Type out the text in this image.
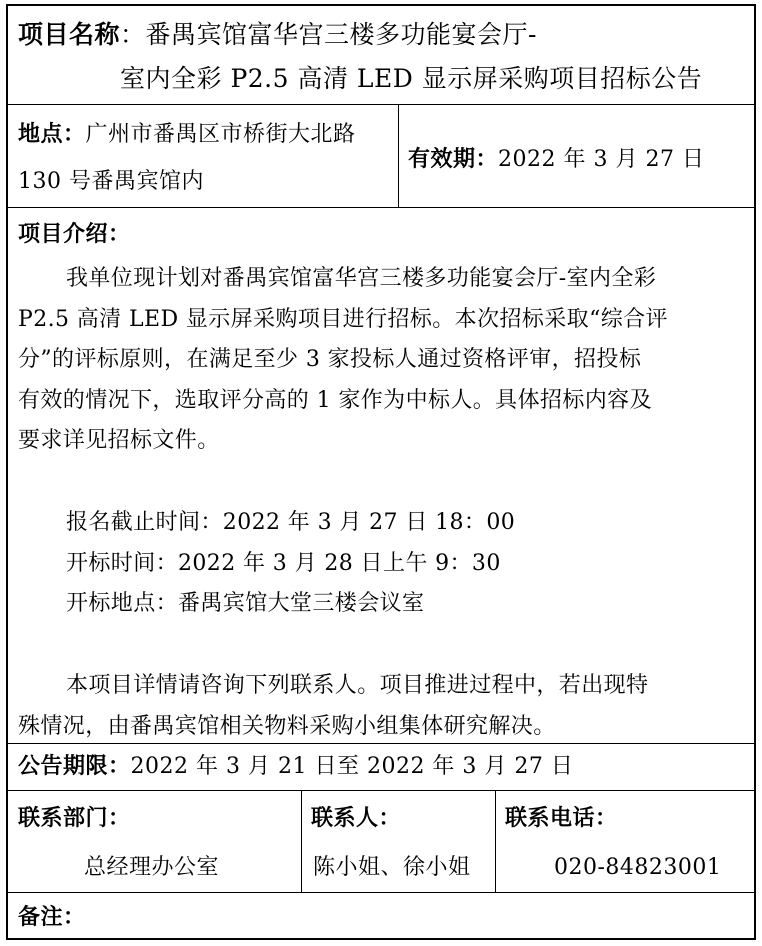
项目名称：番禺宾馆富华宫三楼多功能宴会厅-
室内全彩 P2.5 高清 LED 显示屏采购项目招标公告
地点：广州市番禺区市桥街大北路
130 号番禺宾馆内
有效期：2022 年 3 月 27 日
项目介绍：
我单位现计划对番禺宾馆富华宫三楼多功能宴会厅-室内全彩
P2.5 高清 LED 显示屏采购项目进行招标。本次招标采取“综合评
分”的评标原则，在满足至少 3 家投标人通过资格评审，招投标
有效的情况下，选取评分高的 1 家作为中标人。具体招标内容及
要求详见招标文件。
报名截止时间：2022 年 3 月 27 日 18：00
开标时间：2022 年 3 月 28 日上午 9：30
开标地点：番禺宾馆大堂三楼会议室
本项目详情请咨询下列联系人。项目推进过程中，若出现特
殊情况，由番禺宾馆相关物料采购小组集体研究解决。
公告期限：2022 年 3 月 21 日至 2022 年 3 月 27 日
联系部门：
总经理办公室
联系人：
陈小姐、徐小姐
联系电话：
020-84823001
备注：
